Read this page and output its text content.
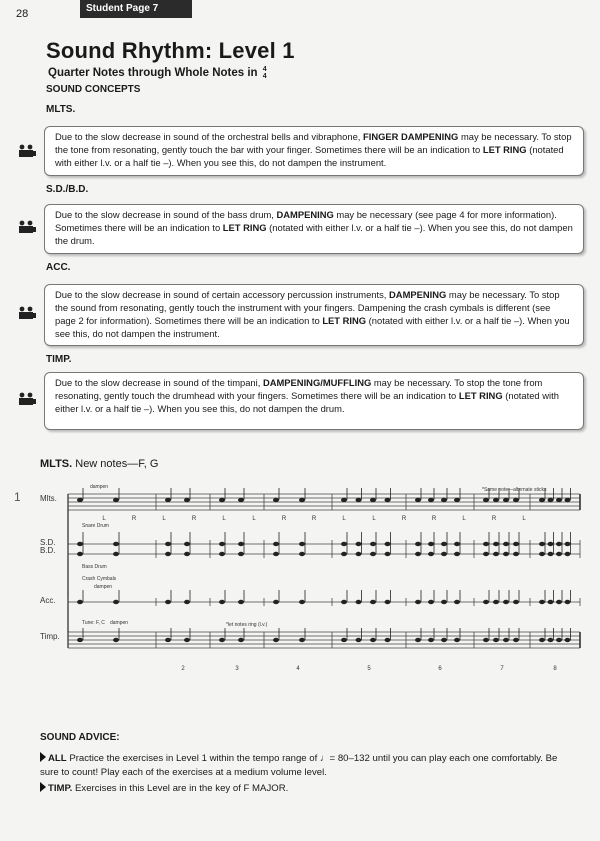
28	Student Page 7
Sound Rhythm: Level 1
Quarter Notes through Whole Notes in 4
4
SOUND CONCEPTS
MLTS.
Due to the slow decrease in sound of the orchestral bells and vibraphone, FINGER DAMPENING may be necessary. To stop the tone from resonating, gently touch the bar with your finger. Sometimes there will be an indication to LET RING (notated with either l.v. or a half tie –). When you see this, do not dampen the instrument.
S.D./B.D.
Due to the slow decrease in sound of the bass drum, DAMPENING may be necessary (see page 4 for more information). Sometimes there will be an indication to LET RING (notated with either l.v. or a half tie –). When you see this, do not dampen the drum.
ACC.
Due to the slow decrease in sound of certain accessory percussion instruments, DAMPENING may be necessary. To stop the sound from resonating, gently touch the instrument with your fingers. Dampening the crash cymbals is different (see page 2 for information). Sometimes there will be an indication to LET RING (notated with either l.v. or a half tie –). When you see this, do not dampen the instrument.
TIMP.
Due to the slow decrease in sound of the timpani, DAMPENING/MUFFLING may be necessary. To stop the tone from resonating, gently touch the drumhead with your fingers. Sometimes there will be an indication to LET RING (notated with either l.v. or a half tie –). When you see this, do not dampen the drum.
MLTS. New notes—F, G
1 Mlts.
S.D.
B.D.
Acc.
Timp.
dampen
Snare Drum
Bass Drum
Crash Cymbals
dampen
Tune: F, C dampen	*let notes ring (l.v.)
*Same note—alternate sticks
2	3	4	5	6	7	8
L	R	L	R	L	L	R	R	L	L	R	R	L	R	L
SOUND ADVICE:
ALL Practice the exercises in Level 1 within the tempo range of ♩= 80–132 until you can play each one comfortably. Be sure to count! Play each of the exercises at a medium volume level.
TIMP. Exercises in this Level are in the key of F MAJOR.
